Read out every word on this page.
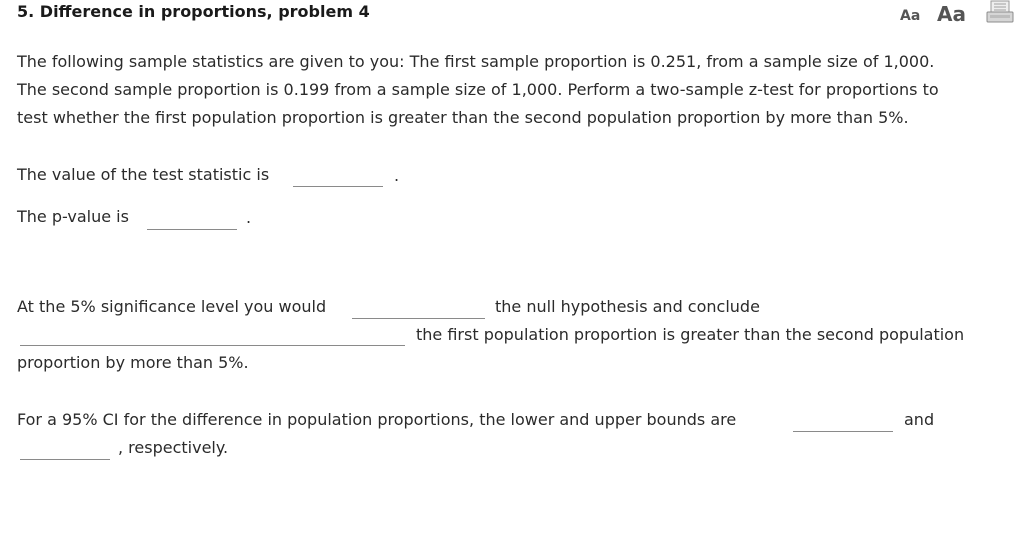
5. Difference in proportions, problem 4	Aa Aa
The following sample statistics are given to you: The first sample proportion is 0.251, from a sample size of 1,000.
The second sample proportion is 0.199 from a sample size of 1,000. Perform a two-sample z-test for proportions to
test whether the first population proportion is greater than the second population proportion by more than 5%.
The value of the test statistic is	.
The p-value is	.
At the 5% significance level you would	the null hypothesis and conclude
the first population proportion is greater than the second population
proportion by more than 5%.
For a 95% CI for the difference in population proportions, the lower and upper bounds are	and
, respectively.
